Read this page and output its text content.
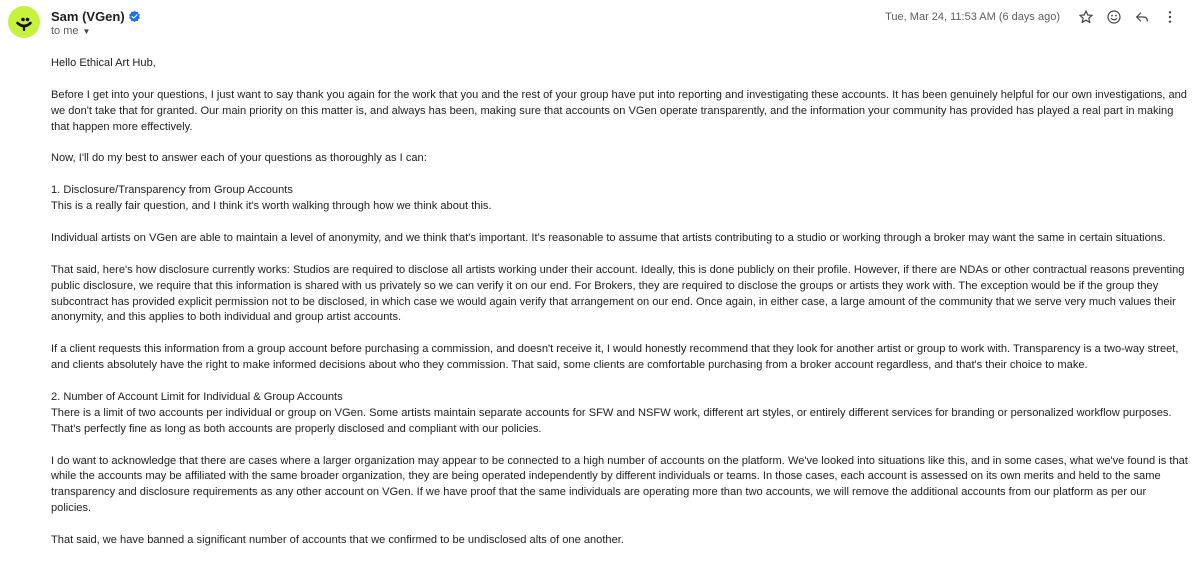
Sam (VGen)
to me ▼
Tue, Mar 24, 11:53 AM (6 days ago)

Hello Ethical Art Hub,

Before I get into your questions, I just want to say thank you again for the work that you and the rest of your group have put into reporting and investigating these accounts. It has been genuinely helpful for our own investigations, and we don't take that for granted. Our main priority on this matter is, and always has been, making sure that accounts on VGen operate transparently, and the information your community has provided has played a real part in making that happen more effectively.

Now, I'll do my best to answer each of your questions as thoroughly as I can:

1. Disclosure/Transparency from Group Accounts

This is a really fair question, and I think it's worth walking through how we think about this.

Individual artists on VGen are able to maintain a level of anonymity, and we think that's important. It's reasonable to assume that artists contributing to a studio or working through a broker may want the same in certain situations.

That said, here's how disclosure currently works: Studios are required to disclose all artists working under their account. Ideally, this is done publicly on their profile. However, if there are NDAs or other contractual reasons preventing public disclosure, we require that this information is shared with us privately so we can verify it on our end. For Brokers, they are required to disclose the groups or artists they work with. The exception would be if the group they subcontract has provided explicit permission not to be disclosed, in which case we would again verify that arrangement on our end. Once again, in either case, a large amount of the community that we serve very much values their anonymity, and this applies to both individual and group artist accounts.

If a client requests this information from a group account before purchasing a commission, and doesn't receive it, I would honestly recommend that they look for another artist or group to work with. Transparency is a two-way street, and clients absolutely have the right to make informed decisions about who they commission. That said, some clients are comfortable purchasing from a broker account regardless, and that's their choice to make.

2. Number of Account Limit for Individual & Group Accounts

There is a limit of two accounts per individual or group on VGen. Some artists maintain separate accounts for SFW and NSFW work, different art styles, or entirely different services for branding or personalized workflow purposes. That's perfectly fine as long as both accounts are properly disclosed and compliant with our policies.

I do want to acknowledge that there are cases where a larger organization may appear to be connected to a high number of accounts on the platform. We've looked into situations like this, and in some cases, what we've found is that while the accounts may be affiliated with the same broader organization, they are being operated independently by different individuals or teams. In those cases, each account is assessed on its own merits and held to the same transparency and disclosure requirements as any other account on VGen. If we have proof that the same individuals are operating more than two accounts, we will remove the additional accounts from our platform as per our policies.

That said, we have banned a significant number of accounts that we confirmed to be undisclosed alts of one another.
